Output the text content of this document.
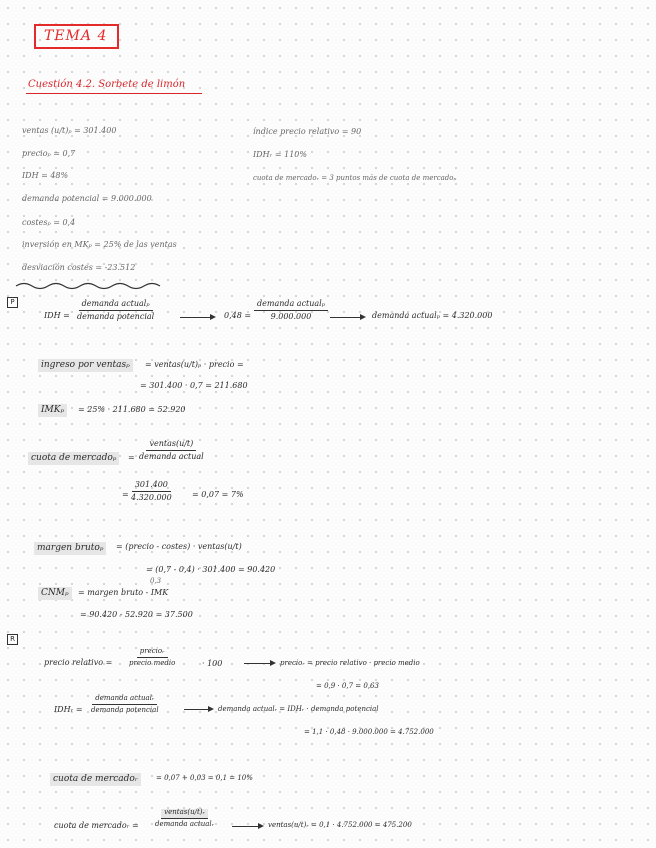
TEMA 4
Cuestión 4.2. Sorbete de limón
ventas (u/t)ₚ = 301.400
precioₚ = 0,7
IDH = 48%
demanda potencial = 9.000.000
costesₚ = 0,4
inversión en MKₚ = 25% de las ventas
desviación costes = -23.512
índice precio relativo = 90
IDHᵣ = 110%
cuota de mercadoᵣ = 3 puntos más de cuota de mercadoₚ
P
IDH = $\frac{\text{demanda actualₚ}}{\text{demanda potencial}}$	$0,48 = \frac{\text{demanda actualₚ}}{9.000.000}$	demanda actualₚ = 4.320.000
ingreso por ventasₚ	= ventas(u/t)ₚ · precio =
= 301.400 · 0,7 = 211.680
IMKₚ	= 25% · 211.680 = 52.920
cuota de mercadoₚ	= $\frac{\text{ventas(u/t)}}{\text{demanda actual}}$
= $\frac{301.400}{4.320.000} = 0,07 = 7\%$
margen brutoₚ	= (precio - costes) · ventas(u/t)
= (0,7 - 0,4) · 301.400 = 90.420
0,3
CNMₚ	= margen bruto - IMK
= 90.420 - 52.920 = 37.500
R
precio relativo = $\frac{\text{precioᵣ}}{\text{precio medio}}$	· 100	precioᵣ = precio relativo · precio medio
= 0,9 · 0,7 = 0,63
IDHᵣ = $\frac{\text{demanda actualᵣ}}{\text{demanda potencial}}$	demanda actualᵣ = IDHᵣ · demanda potencial
= 1,1 · 0,48 · 9.000.000 = 4.752.000
cuota de mercadoᵣ	= 0,07 + 0,03 = 0,1 = 10%
cuota de mercadoᵣ = $\frac{\text{ventas(u/t)ᵣ}}{\text{demanda actualᵣ}}$	ventas(u/t)ᵣ = 0,1 · 4.752.000 = 475.200
